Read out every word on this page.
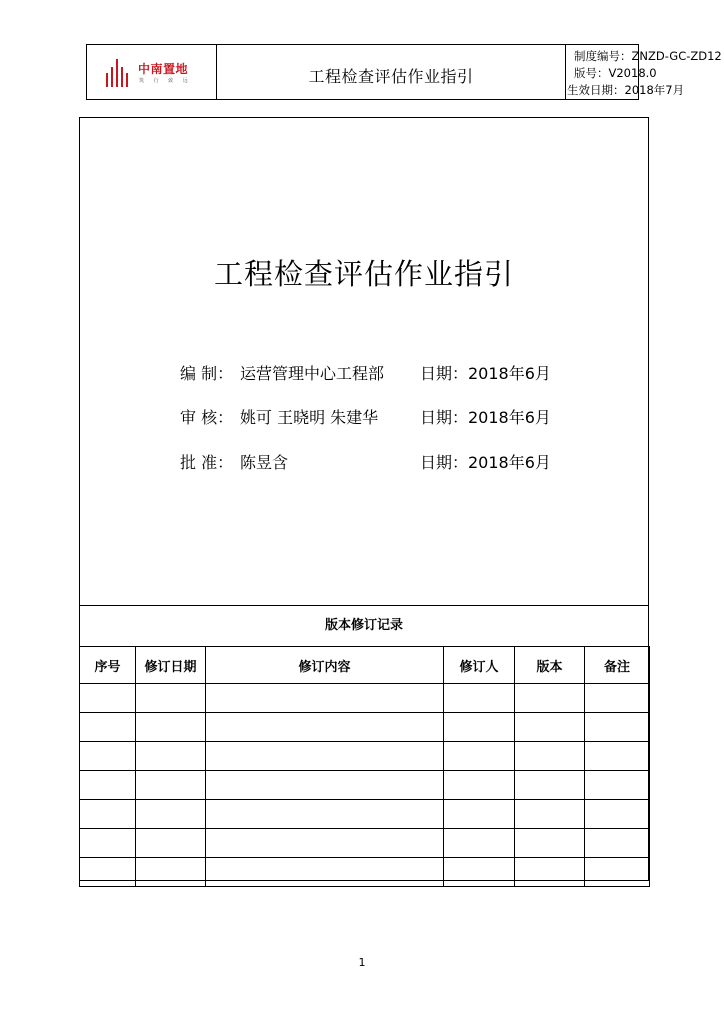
中南置地
筑 行 致 远	工程检查评估作业指引
制度编号：ZNZD-GC-ZD12
版号：V2018.0
生效日期：2018年7月
工程检查评估作业指引
编 制： 运营管理中心工程部 日期：2018年6月
审 核： 姚可 王晓明 朱建华	日期：2018年6月
批 准： 陈昱含	日期：2018年6月
版本修订记录
序号	修订日期	修订内容	修订人	版本	备注

1
